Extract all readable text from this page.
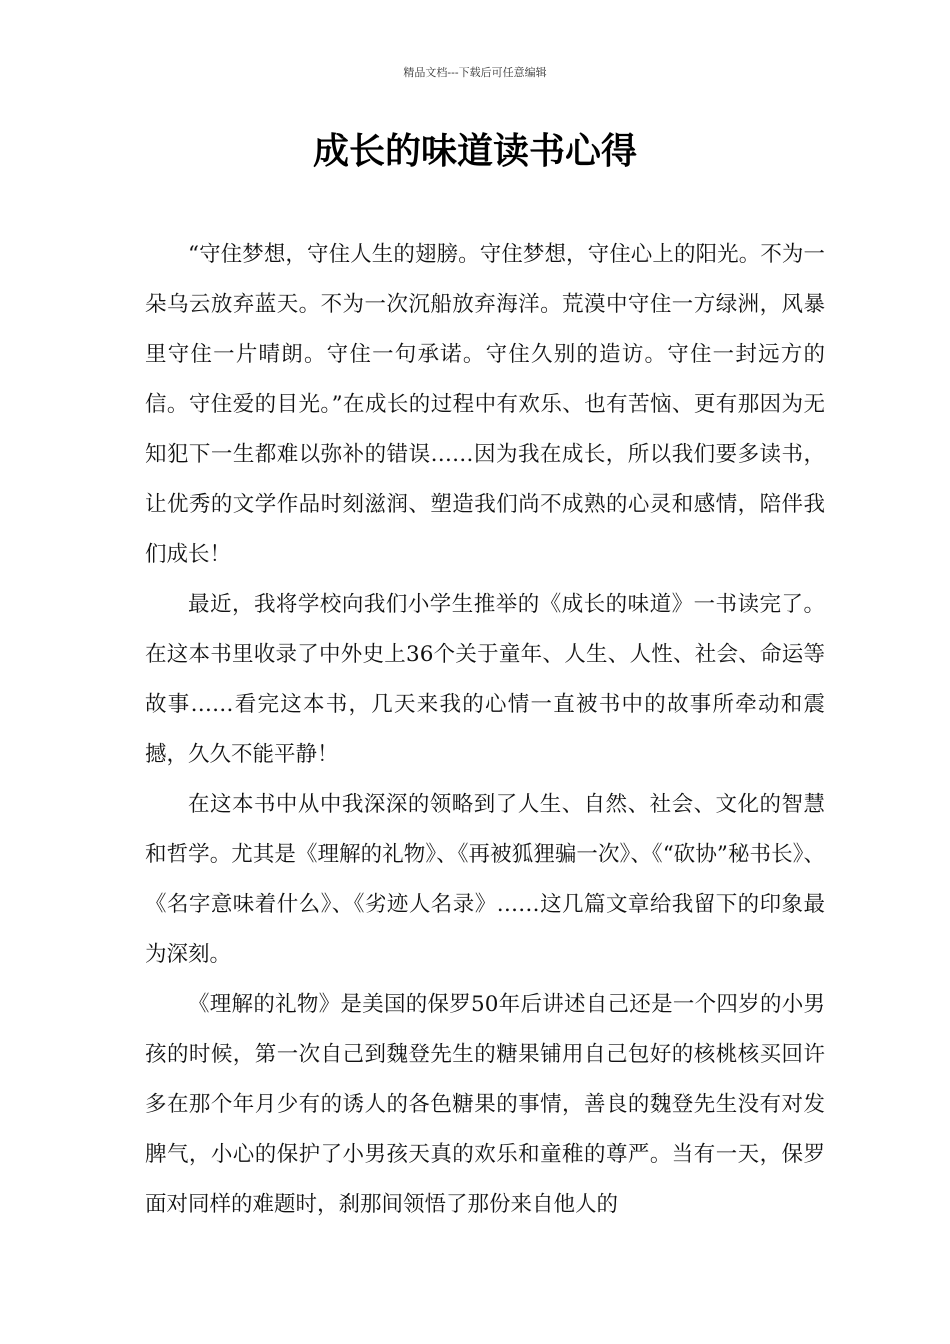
精品文档---下载后可任意编辑
成长的味道读书心得

“守住梦想，守住人生的翅膀。守住梦想，守住心上的阳光。不为一朵乌云放弃蓝天。不为一次沉船放弃海洋。荒漠中守住一方绿洲，风暴里守住一片晴朗。守住一句承诺。守住久别的造访。守住一封远方的信。守住爱的目光。”在成长的过程中有欢乐、也有苦恼、更有那因为无知犯下一生都难以弥补的错误……因为我在成长，所以我们要多读书，让优秀的文学作品时刻滋润、塑造我们尚不成熟的心灵和感情，陪伴我们成长！

最近，我将学校向我们小学生推举的《成长的味道》一书读完了。在这本书里收录了中外史上36个关于童年、人生、人性、社会、命运等故事……看完这本书，几天来我的心情一直被书中的故事所牵动和震撼，久久不能平静！

在这本书中从中我深深的领略到了人生、自然、社会、文化的智慧和哲学。尤其是《理解的礼物》、《再被狐狸骗一次》、《“砍协”秘书长》、《名字意味着什么》、《劣迹人名录》……这几篇文章给我留下的印象最为深刻。

《理解的礼物》是美国的保罗50年后讲述自己还是一个四岁的小男孩的时候，第一次自己到魏登先生的糖果铺用自己包好的核桃核买回许多在那个年月少有的诱人的各色糖果的事情，善良的魏登先生没有对发脾气，小心的保护了小男孩天真的欢乐和童稚的尊严。当有一天，保罗面对同样的难题时，刹那间领悟了那份来自他人的
